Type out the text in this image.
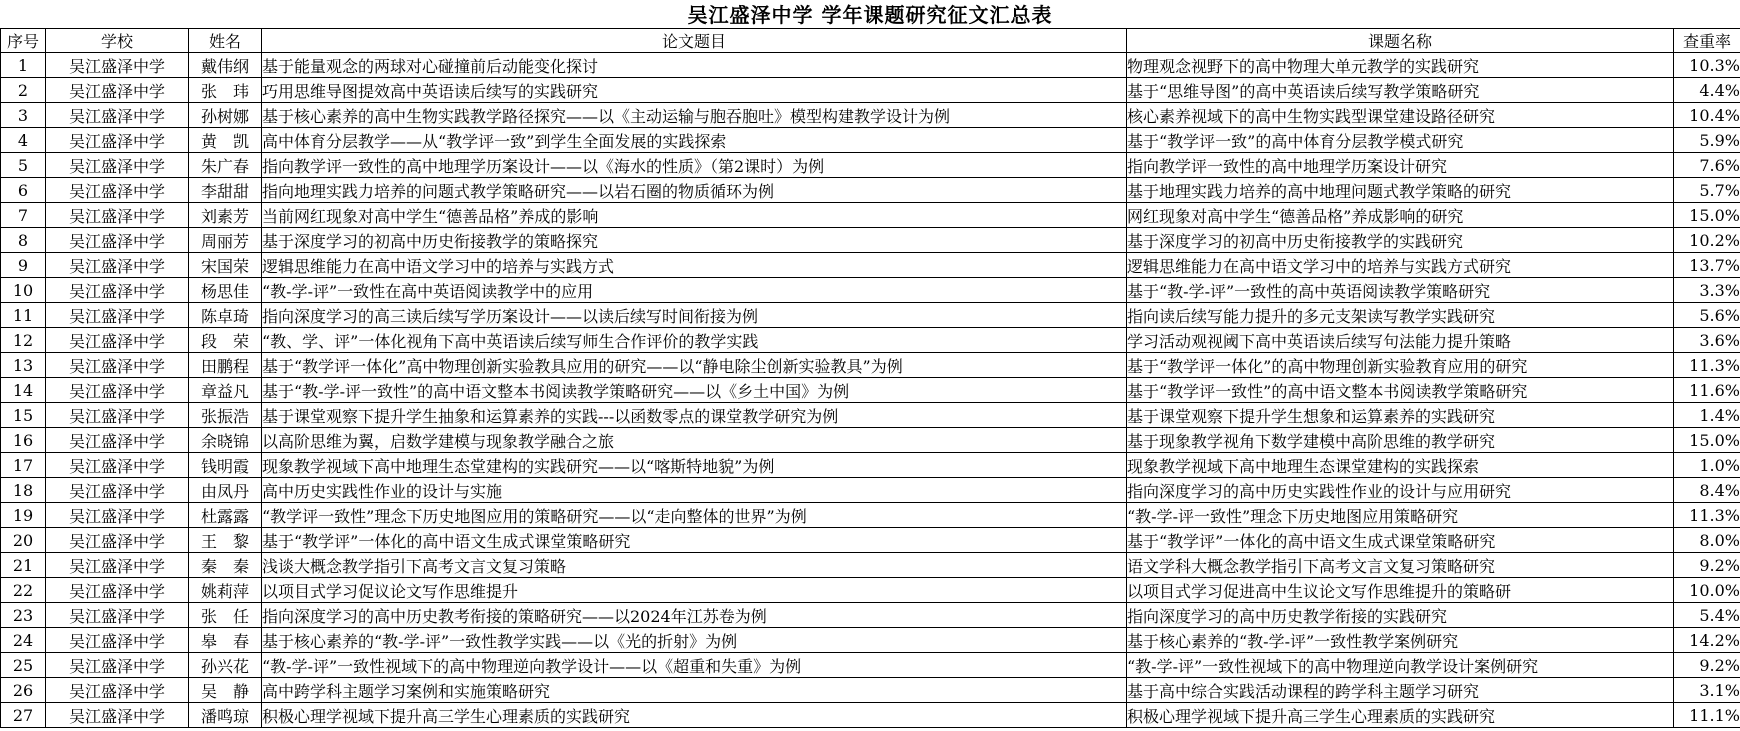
吴江盛泽中学 学年课题研究征文汇总表
序号	学校	姓名	论文题目	课题名称	查重率
1	吴江盛泽中学	戴伟纲	基于能量观念的两球对心碰撞前后动能变化探讨	物理观念视野下的高中物理大单元教学的实践研究	10.3%
2	吴江盛泽中学	张　玮	巧用思维导图提效高中英语读后续写的实践研究	基于“思维导图”的高中英语读后续写教学策略研究	4.4%
3	吴江盛泽中学	孙树娜	基于核心素养的高中生物实践教学路径探究——以《主动运输与胞吞胞吐》模型构建教学设计为例	核心素养视域下的高中生物实践型课堂建设路径研究	10.4%
4	吴江盛泽中学	黄　凯	高中体育分层教学——从“教学评一致”到学生全面发展的实践探索	基于“教学评一致”的高中体育分层教学模式研究	5.9%
5	吴江盛泽中学	朱广春	指向教学评一致性的高中地理学历案设计——以《海水的性质》（第2课时）为例	指向教学评一致性的高中地理学历案设计研究	7.6%
6	吴江盛泽中学	李甜甜	指向地理实践力培养的问题式教学策略研究——以岩石圈的物质循环为例	基于地理实践力培养的高中地理问题式教学策略的研究	5.7%
7	吴江盛泽中学	刘素芳	当前网红现象对高中学生“德善品格”养成的影响	网红现象对高中学生“德善品格”养成影响的研究	15.0%
8	吴江盛泽中学	周丽芳	基于深度学习的初高中历史衔接教学的策略探究	基于深度学习的初高中历史衔接教学的实践研究	10.2%
9	吴江盛泽中学	宋国荣	逻辑思维能力在高中语文学习中的培养与实践方式	逻辑思维能力在高中语文学习中的培养与实践方式研究	13.7%
10	吴江盛泽中学	杨思佳	“教-学-评”一致性在高中英语阅读教学中的应用	基于“教-学-评”一致性的高中英语阅读教学策略研究	3.3%
11	吴江盛泽中学	陈卓琦	指向深度学习的高三读后续写学历案设计——以读后续写时间衔接为例	指向读后续写能力提升的多元支架读写教学实践研究	5.6%
12	吴江盛泽中学	段　荣	“教、学、评”一体化视角下高中英语读后续写师生合作评价的教学实践	学习活动观视阈下高中英语读后续写句法能力提升策略	3.6%
13	吴江盛泽中学	田鹏程	基于“教学评一体化”高中物理创新实验教具应用的研究——以“静电除尘创新实验教具”为例	基于“教学评一体化”的高中物理创新实验教育应用的研究	11.3%
14	吴江盛泽中学	章益凡	基于“教-学-评一致性”的高中语文整本书阅读教学策略研究——以《乡土中国》为例	基于“教学评一致性”的高中语文整本书阅读教学策略研究	11.6%
15	吴江盛泽中学	张振浩	基于课堂观察下提升学生抽象和运算素养的实践---以函数零点的课堂教学研究为例	基于课堂观察下提升学生想象和运算素养的实践研究	1.4%
16	吴江盛泽中学	余晓锦	以高阶思维为翼，启数学建模与现象教学融合之旅	基于现象教学视角下数学建模中高阶思维的教学研究	15.0%
17	吴江盛泽中学	钱明霞	现象教学视域下高中地理生态堂建构的实践研究——以“喀斯特地貌”为例	现象教学视域下高中地理生态课堂建构的实践探索	1.0%
18	吴江盛泽中学	由凤丹	高中历史实践性作业的设计与实施	指向深度学习的高中历史实践性作业的设计与应用研究	8.4%
19	吴江盛泽中学	杜露露	“教学评一致性”理念下历史地图应用的策略研究——以“走向整体的世界”为例	“教-学-评一致性”理念下历史地图应用策略研究	11.3%
20	吴江盛泽中学	王　黎	基于“教学评”一体化的高中语文生成式课堂策略研究	基于“教学评”一体化的高中语文生成式课堂策略研究	8.0%
21	吴江盛泽中学	秦　秦	浅谈大概念教学指引下高考文言文复习策略	语文学科大概念教学指引下高考文言文复习策略研究	9.2%
22	吴江盛泽中学	姚莉萍	以项目式学习促议论文写作思维提升	以项目式学习促进高中生议论文写作思维提升的策略研	10.0%
23	吴江盛泽中学	张　任	指向深度学习的高中历史教考衔接的策略研究——以2024年江苏卷为例	指向深度学习的高中历史教学衔接的实践研究	5.4%
24	吴江盛泽中学	皋　春	基于核心素养的“教-学-评”一致性教学实践——以《光的折射》为例	基于核心素养的“教-学-评”一致性教学案例研究	14.2%
25	吴江盛泽中学	孙兴花	“教-学-评”一致性视域下的高中物理逆向教学设计——以《超重和失重》为例	“教-学-评”一致性视域下的高中物理逆向教学设计案例研究	9.2%
26	吴江盛泽中学	吴　静	高中跨学科主题学习案例和实施策略研究	基于高中综合实践活动课程的跨学科主题学习研究	3.1%
27	吴江盛泽中学	潘鸣琼	积极心理学视域下提升高三学生心理素质的实践研究	积极心理学视域下提升高三学生心理素质的实践研究	11.1%
